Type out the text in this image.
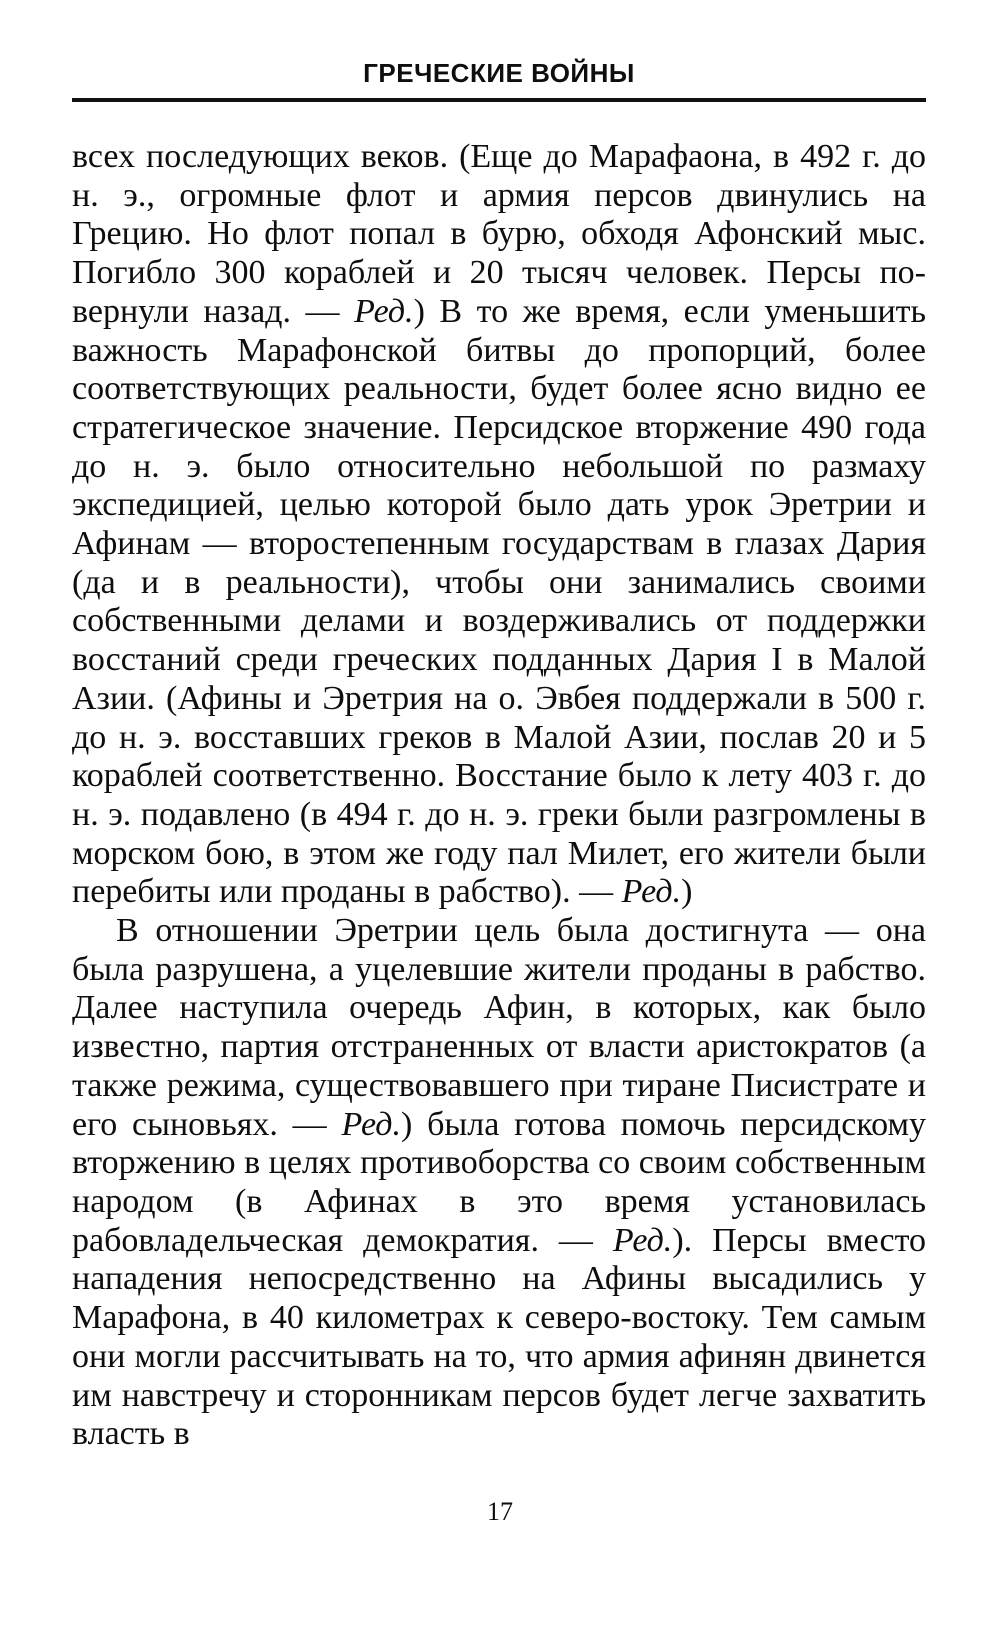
ГРЕЧЕСКИЕ ВОЙНЫ

всех последующих веков. (Еще до Марафаона, в 492 г. до н. э., огромные флот и армия персов двинулись на Грецию. Но флот попал в бурю, обходя Афонский мыс. Погибло 300 кораблей и 20 тысяч человек. Персы повернули назад. — Ред.) В то же время, если уменьшить важность Марафонской битвы до пропорций, более соответствующих реальности, будет более ясно видно ее стратегическое значение. Персидское вторжение 490 года до н. э. было относительно небольшой по размаху экспедицией, целью которой было дать урок Эретрии и Афинам — второстепенным государствам в глазах Дария (да и в реальности), чтобы они занимались своими собственными делами и воздерживались от поддержки восстаний среди греческих подданных Дария I в Малой Азии. (Афины и Эретрия на о. Эвбея поддержали в 500 г. до н. э. восставших греков в Малой Азии, послав 20 и 5 кораблей соответственно. Восстание было к лету 403 г. до н. э. подавлено (в 494 г. до н. э. греки были разгромлены в морском бою, в этом же году пал Милет, его жители были перебиты или проданы в рабство). — Ред.)

В отношении Эретрии цель была достигнута — она была разрушена, а уцелевшие жители проданы в рабство. Далее наступила очередь Афин, в которых, как было известно, партия отстраненных от власти аристократов (а также режима, существовавшего при тиране Писистрате и его сыновьях. — Ред.) была готова помочь персидскому вторжению в целях противоборства со своим собственным народом (в Афинах в это время установилась рабовладельческая демократия. — Ред.). Персы вместо нападения непосредственно на Афины высадились у Марафона, в 40 километрах к северо-востоку. Тем самым они могли рассчитывать на то, что армия афинян двинется им навстречу и сторонникам персов будет легче захватить власть в

17
